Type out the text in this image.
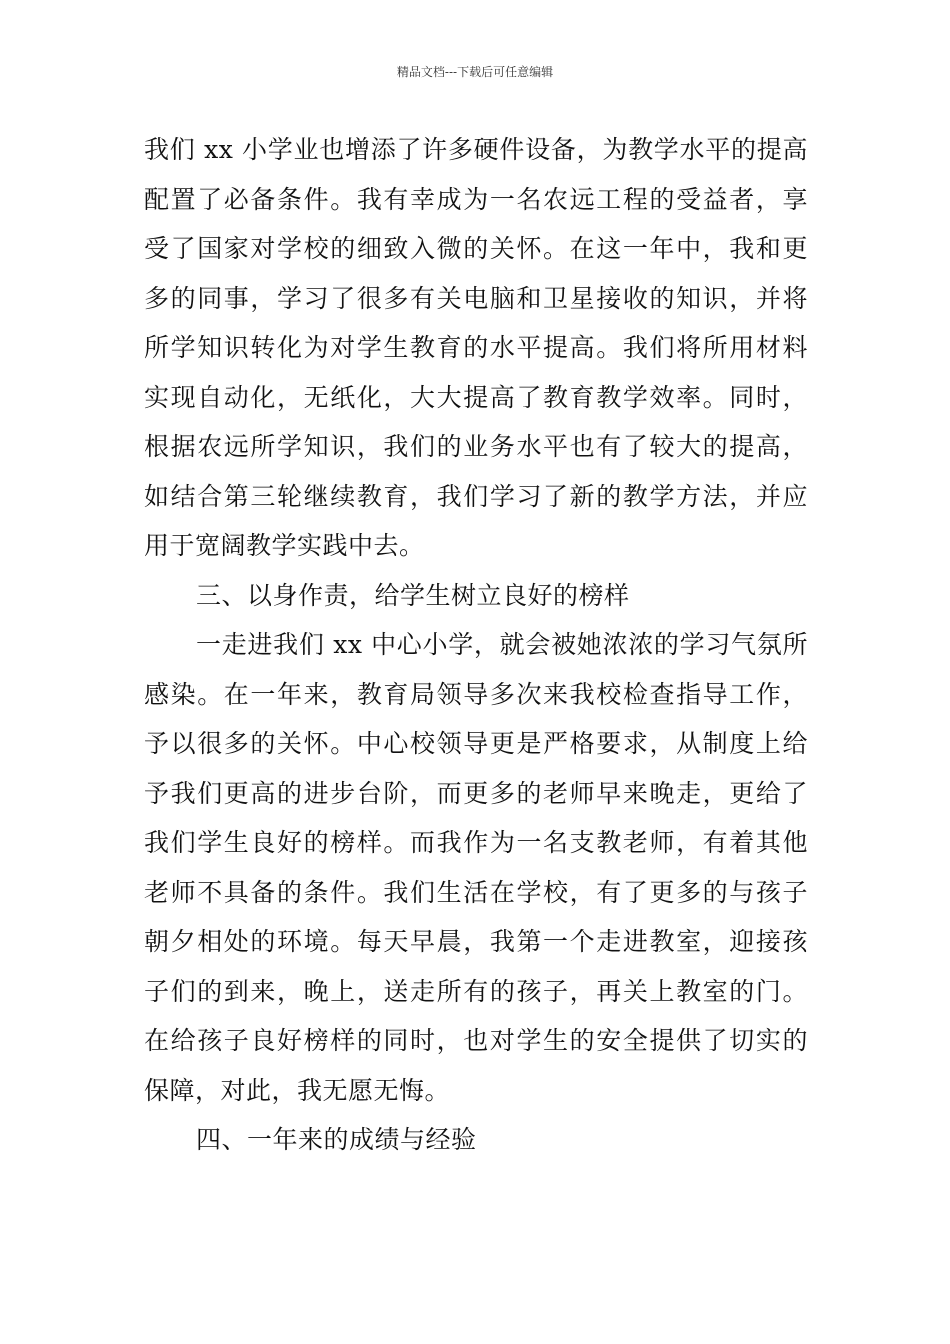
精品文档---下载后可任意编辑
我们 xx 小学业也增添了许多硬件设备，为教学水平的提高
配置了必备条件。我有幸成为一名农远工程的受益者，享
受了国家对学校的细致入微的关怀。在这一年中，我和更
多的同事，学习了很多有关电脑和卫星接收的知识，并将
所学知识转化为对学生教育的水平提高。我们将所用材料
实现自动化，无纸化，大大提高了教育教学效率。同时，
根据农远所学知识，我们的业务水平也有了较大的提高，
如结合第三轮继续教育，我们学习了新的教学方法，并应
用于宽阔教学实践中去。
三、以身作责，给学生树立良好的榜样
一走进我们 xx 中心小学，就会被她浓浓的学习气氛所
感染。在一年来，教育局领导多次来我校检查指导工作，
予以很多的关怀。中心校领导更是严格要求，从制度上给
予我们更高的进步台阶，而更多的老师早来晚走，更给了
我们学生良好的榜样。而我作为一名支教老师，有着其他
老师不具备的条件。我们生活在学校，有了更多的与孩子
朝夕相处的环境。每天早晨，我第一个走进教室，迎接孩
子们的到来，晚上，送走所有的孩子，再关上教室的门。
在给孩子良好榜样的同时，也对学生的安全提供了切实的
保障，对此，我无愿无悔。
四、一年来的成绩与经验
